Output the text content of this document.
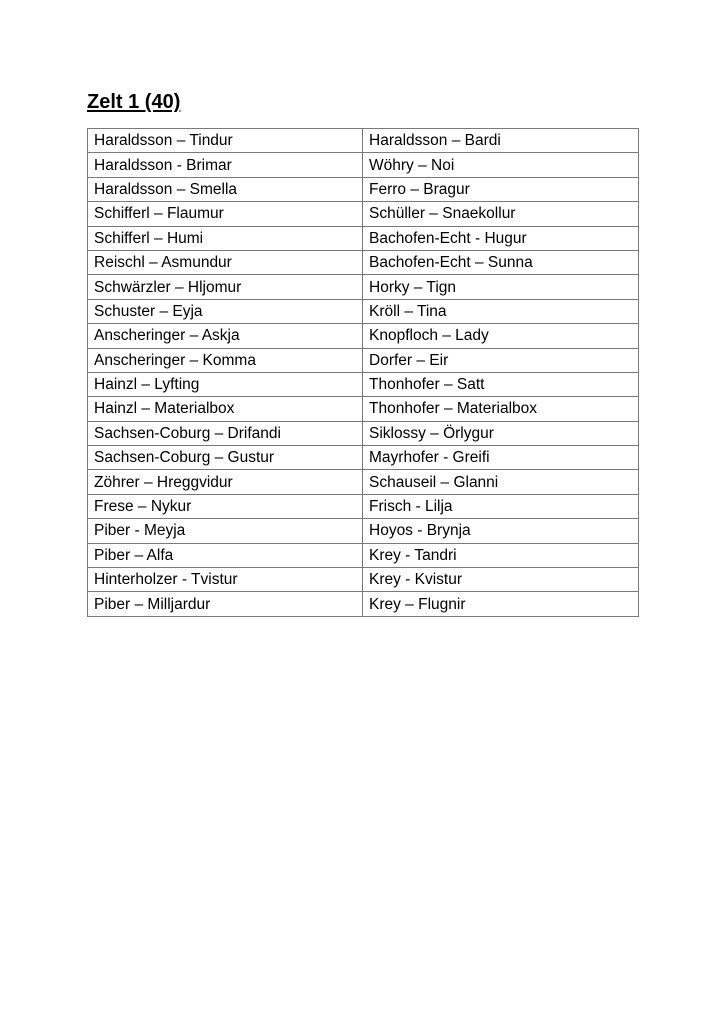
Zelt 1 (40)
Haraldsson – Tindur	Haraldsson – Bardi
Haraldsson - Brimar	Wöhry – Noi
Haraldsson – Smella	Ferro – Bragur
Schifferl – Flaumur	Schüller – Snaekollur
Schifferl – Humi	Bachofen-Echt - Hugur
Reischl – Asmundur	Bachofen-Echt – Sunna
Schwärzler – Hljomur	Horky – Tign
Schuster – Eyja	Kröll – Tina
Anscheringer – Askja	Knopfloch – Lady
Anscheringer – Komma	Dorfer – Eir
Hainzl – Lyfting	Thonhofer – Satt
Hainzl – Materialbox	Thonhofer – Materialbox
Sachsen-Coburg – Drifandi	Siklossy – Örlygur
Sachsen-Coburg – Gustur	Mayrhofer - Greifi
Zöhrer – Hreggvidur	Schauseil – Glanni
Frese – Nykur	Frisch - Lilja
Piber - Meyja	Hoyos - Brynja
Piber – Alfa	Krey - Tandri
Hinterholzer - Tvistur	Krey - Kvistur
Piber – Milljardur	Krey – Flugnir
